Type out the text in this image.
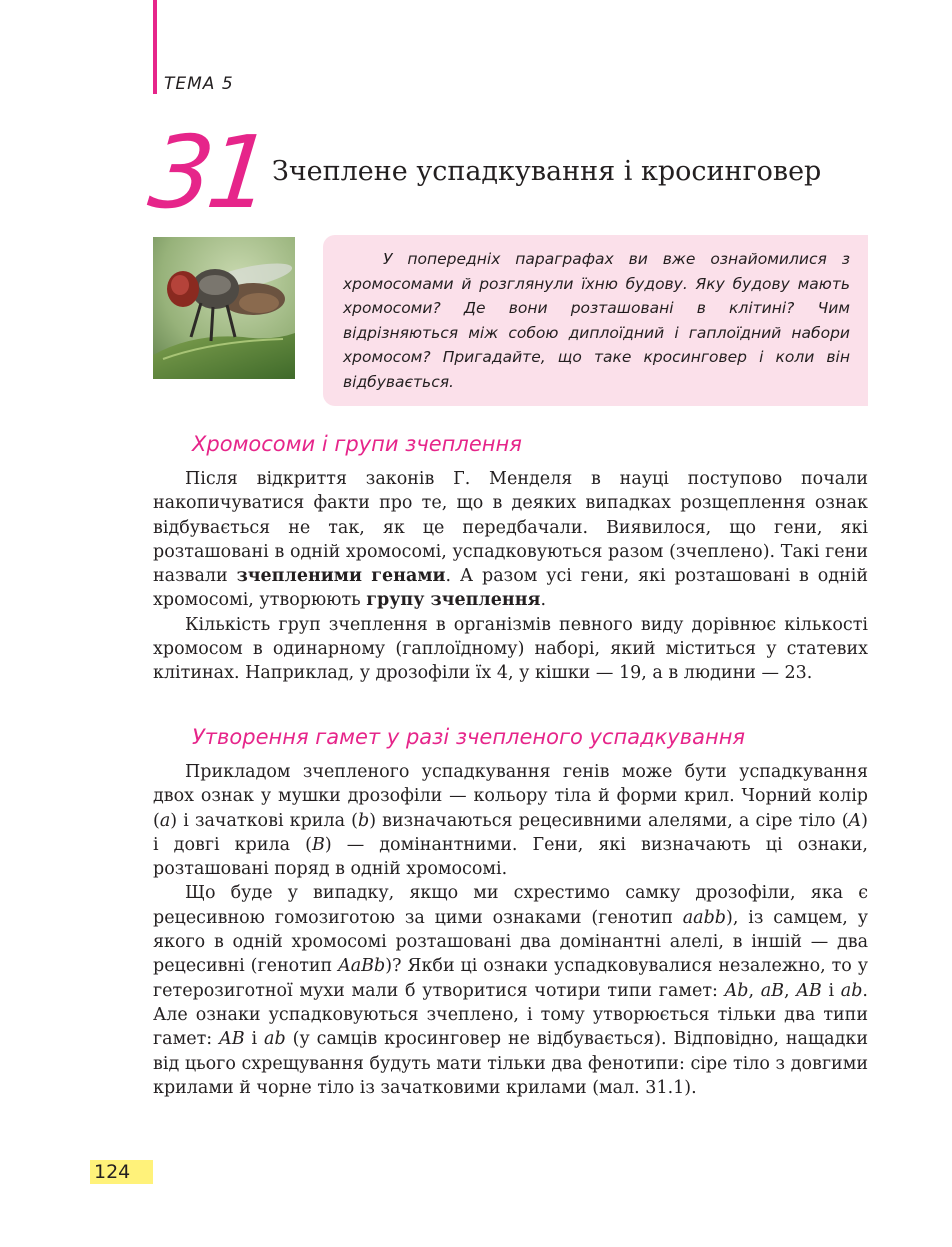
ТЕМА 5
31 Зчеплене успадкування і кросинговер

У попередніх параграфах ви вже ознайомилися з хромосомами й розглянули їхню будову. Яку будову мають хромосоми? Де вони розташовані в клітині? Чим відрізняються між собою диплоїдний і гаплоїдний набори хромосом? Пригадайте, що таке кросинговер і коли він відбувається.

Хромосоми і групи зчеплення

Після відкриття законів Г. Менделя в науці поступово почали накопичуватися факти про те, що в деяких випадках розщеплення ознак відбувається не так, як це передбачали. Виявилося, що гени, які розташовані в одній хромосомі, успадковуються разом (зчеплено). Такі гени назвали зчепленими генами. А разом усі гени, які розташовані в одній хромосомі, утворюють групу зчеплення.

Кількість груп зчеплення в організмів певного виду дорівнює кількості хромосом в одинарному (гаплоїдному) наборі, який міститься у статевих клітинах. Наприклад, у дрозофіли їх 4, у кішки — 19, а в людини — 23.

Утворення гамет у разі зчепленого успадкування

Прикладом зчепленого успадкування генів може бути успадкування двох ознак у мушки дрозофіли — кольору тіла й форми крил. Чорний колір (a) і зачаткові крила (b) визначаються рецесивними алелями, а сіре тіло (A) і довгі крила (B) — домінантними. Гени, які визначають ці ознаки, розташовані поряд в одній хромосомі.

Що буде у випадку, якщо ми схрестимо самку дрозофіли, яка є рецесивною гомозиготою за цими ознаками (генотип aabb), із самцем, у якого в одній хромосомі розташовані два домінантні алелі, в іншій — два рецесивні (генотип AaBb)? Якби ці ознаки успадковувалися незалежно, то у гетерозиготної мухи мали б утворитися чотири типи гамет: Ab, aB, AB і ab. Але ознаки успадковуються зчеплено, і тому утворюється тільки два типи гамет: AB і ab (у самців кросинговер не відбувається). Відповідно, нащадки від цього схрещування будуть мати тільки два фенотипи: сіре тіло з довгими крилами й чорне тіло із зачатковими крилами (мал. 31.1).

124
